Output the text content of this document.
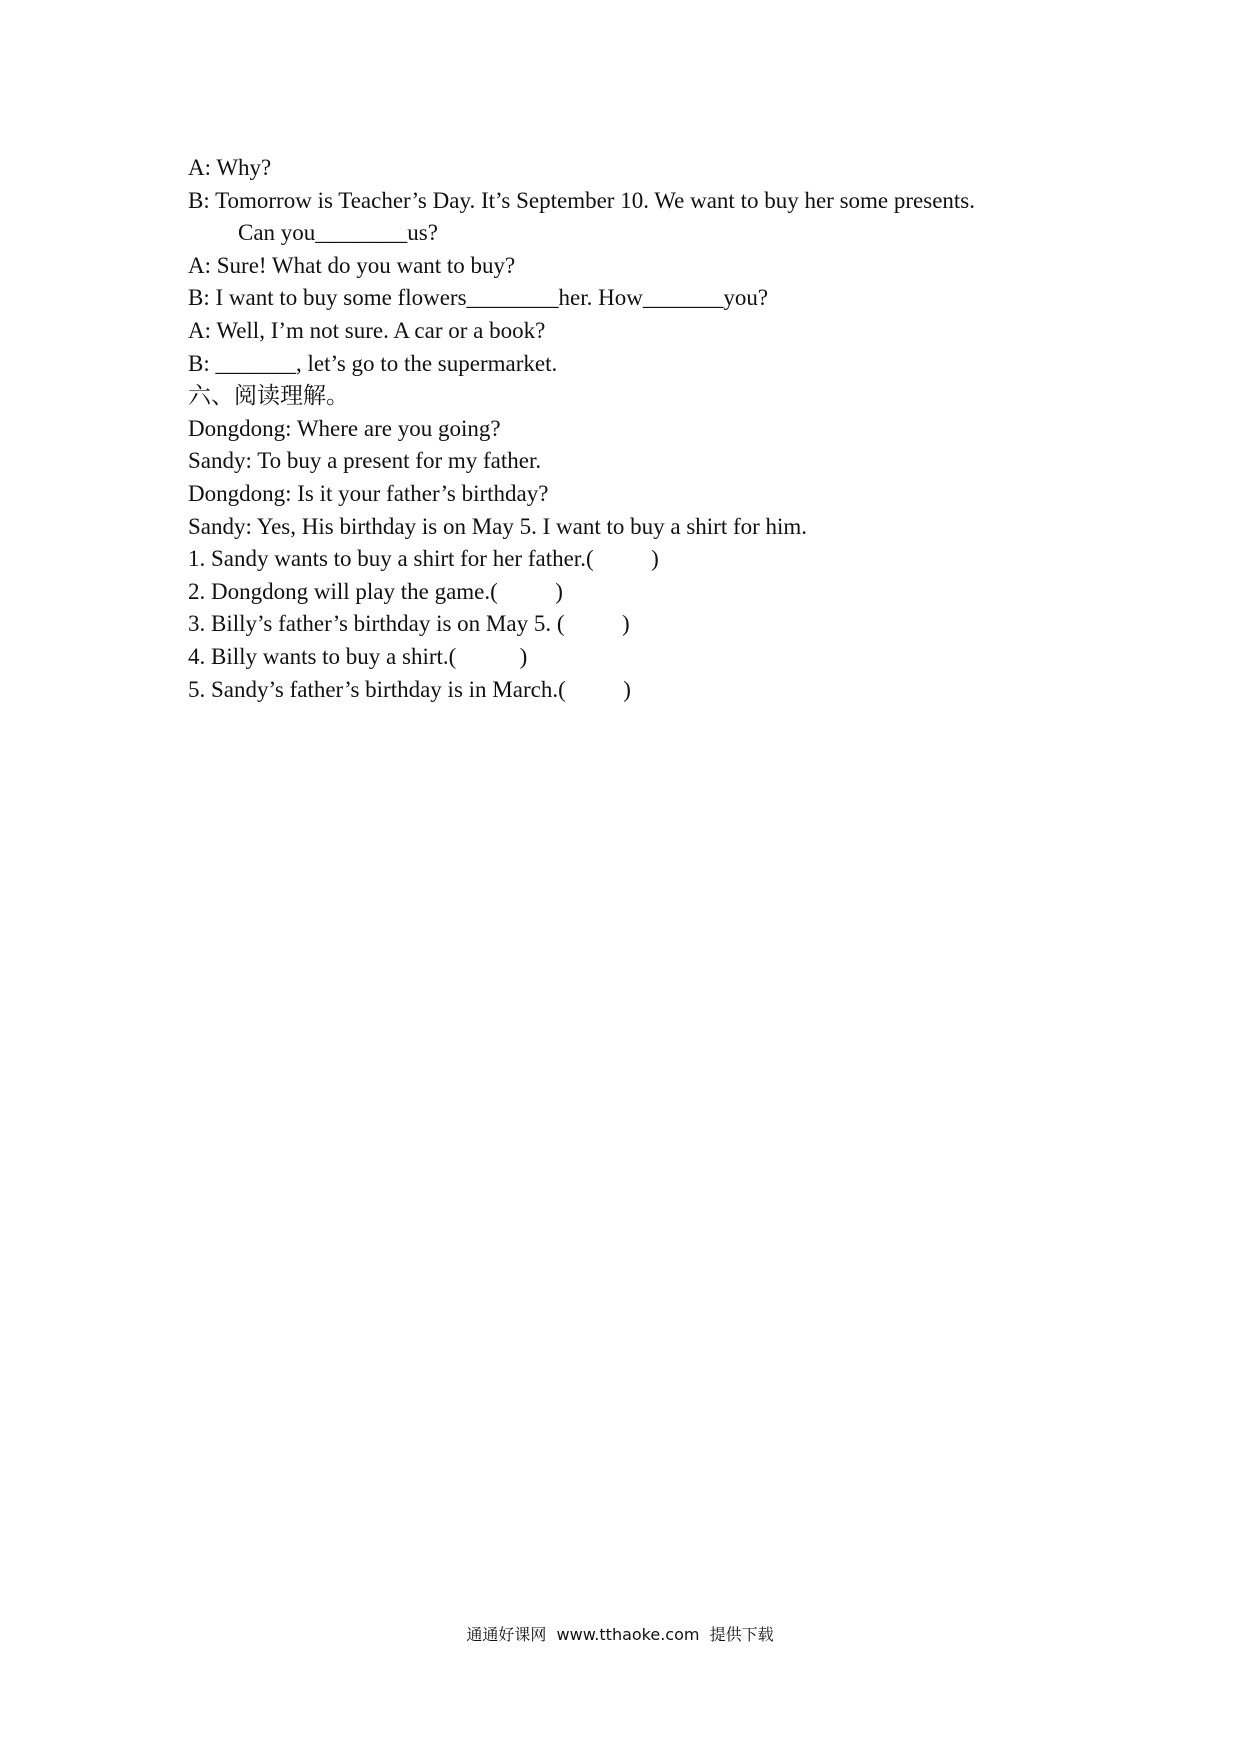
A: Why?
B: Tomorrow is Teacher’s Day. It’s September 10. We want to buy her some presents.
Can you________us?
A: Sure! What do you want to buy?
B: I want to buy some flowers________her. How_______you?
A: Well, I’m not sure. A car or a book?
B: _______, let’s go to the supermarket.
六、阅读理解。
Dongdong: Where are you going?
Sandy: To buy a present for my father.
Dongdong: Is it your father’s birthday?
Sandy: Yes, His birthday is on May 5. I want to buy a shirt for him.
1. Sandy wants to buy a shirt for her father.(          )
2. Dongdong will play the game.(          )
3. Billy’s father’s birthday is on May 5. (          )
4. Billy wants to buy a shirt.(           )
5. Sandy’s father’s birthday is in March.(          )
通通好课网  www.tthaoke.com  提供下载
